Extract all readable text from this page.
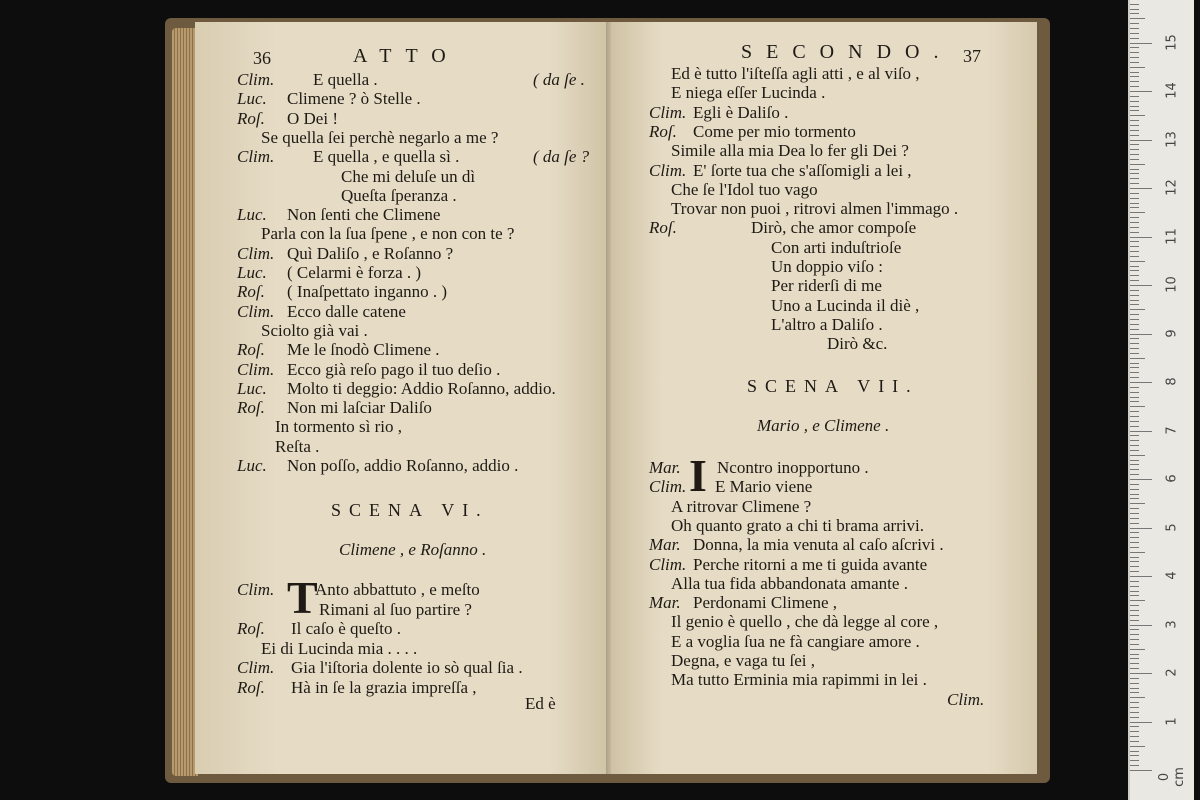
0 cm
1
2
3
4
5
6
7
8
9
10
11
12
13
14
15
36	ATTO
Clim. E quella .	( da ſe .
Luc. Climene ? ò Stelle .
Roſ. O Dei !
Se quella ſei perchè negarlo a me ?
Clim. E quella , e quella sì .	( da ſe ?
Che mi deluſe un dì
Queſta ſperanza .
Luc. Non ſenti che Climene
Parla con la ſua ſpene , e non con te ?
Clim. Quì Daliſo , e Roſanno ?
Luc. ( Celarmi è forza . )
Roſ. ( Inaſpettato inganno . )
Clim. Ecco dalle catene
Sciolto già vai .
Roſ. Me le ſnodò Climene .
Clim. Ecco già reſo pago il tuo deſio .
Luc. Molto ti deggio: Addio Roſanno, addio.
Roſ. Non mi laſciar Daliſo
In tormento sì rio ,
Reſta .
Luc. Non poſſo, addio Roſanno, addio .
SCENA VI.
Climene , e Roſanno .
Clim. T
Anto abbattuto , e meſto
Rimani al ſuo partire ?
Roſ. Il caſo è queſto .
Ei di Lucinda mia . . . .
Clim. Gia l'iſtoria dolente io sò qual ſia .
Roſ. Hà in ſe la grazia impreſſa ,
Ed è
SECONDO. 37
Ed è tutto l'iſteſſa agli atti , e al viſo ,
E niega eſſer Lucinda .
Clim. Egli è Daliſo .
Roſ. Come per mio tormento
Simile alla mia Dea lo fer gli Dei ?
Clim. E' ſorte tua che s'aſſomigli a lei ,
Che ſe l'Idol tuo vago
Trovar non puoi , ritrovi almen l'immago .
Roſ.	Dirò, che amor compoſe
Con arti induſtrioſe
Un doppio viſo :
Per riderſi di me
Uno a Lucinda il diè ,
L'altro a Daliſo .
Dirò &c.
SCENA VII.
Mario , e Climene .
Mar. I Ncontro inopportuno .
Clim. E Mario viene
A ritrovar Climene ?
Oh quanto grato a chi ti brama arrivi.
Mar. Donna, la mia venuta al caſo aſcrivi .
Clim. Perche ritorni a me ti guida avante
Alla tua fida abbandonata amante .
Mar. Perdonami Climene ,
Il genio è quello , che dà legge al core ,
E a voglia ſua ne fà cangiare amore .
Degna, e vaga tu ſei ,
Ma tutto Erminia mia rapimmi in lei .
Clim.
